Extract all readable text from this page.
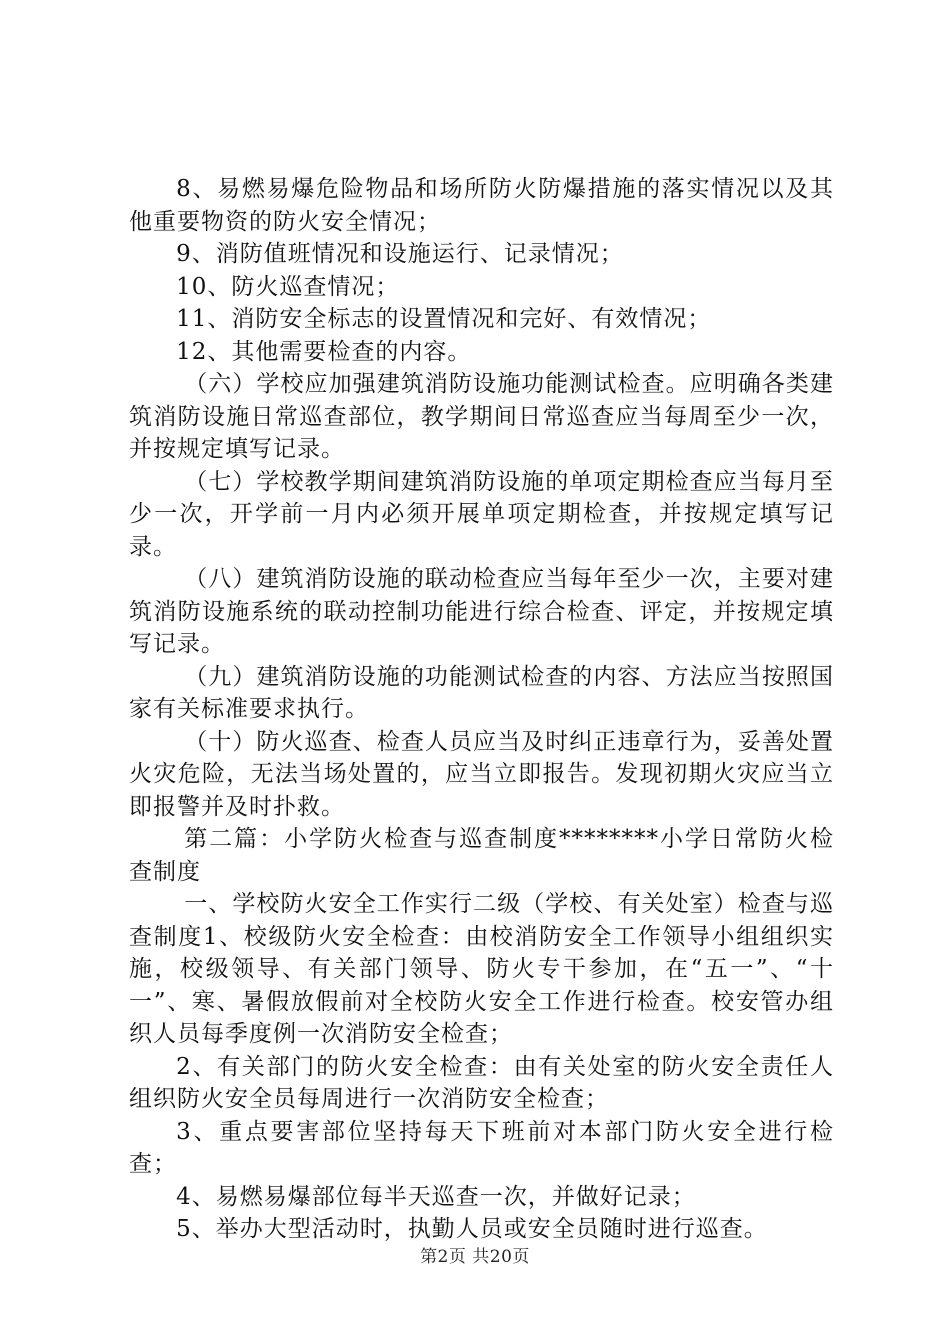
8、易燃易爆危险物品和场所防火防爆措施的落实情况以及其他重要物资的防火安全情况；

9、消防值班情况和设施运行、记录情况；

10、防火巡查情况；

11、消防安全标志的设置情况和完好、有效情况；

12、其他需要检查的内容。

（六）学校应加强建筑消防设施功能测试检查。应明确各类建筑消防设施日常巡查部位，教学期间日常巡查应当每周至少一次，并按规定填写记录。

（七）学校教学期间建筑消防设施的单项定期检查应当每月至少一次，开学前一月内必须开展单项定期检查，并按规定填写记录。

（八）建筑消防设施的联动检查应当每年至少一次，主要对建筑消防设施系统的联动控制功能进行综合检查、评定，并按规定填写记录。

（九）建筑消防设施的功能测试检查的内容、方法应当按照国家有关标准要求执行。

（十）防火巡查、检查人员应当及时纠正违章行为，妥善处置火灾危险，无法当场处置的，应当立即报告。发现初期火灾应当立即报警并及时扑救。

第二篇：小学防火检查与巡查制度********小学日常防火检查制度

一、学校防火安全工作实行二级（学校、有关处室）检查与巡查制度1、校级防火安全检查：由校消防安全工作领导小组组织实施，校级领导、有关部门领导、防火专干参加，在“五一”、“十一”、寒、暑假放假前对全校防火安全工作进行检查。校安管办组织人员每季度例一次消防安全检查；

2、有关部门的防火安全检查：由有关处室的防火安全责任人组织防火安全员每周进行一次消防安全检查；

3、重点要害部位坚持每天下班前对本部门防火安全进行检查；

4、易燃易爆部位每半天巡查一次，并做好记录；

5、举办大型活动时，执勤人员或安全员随时进行巡查。

第2页 共20页
